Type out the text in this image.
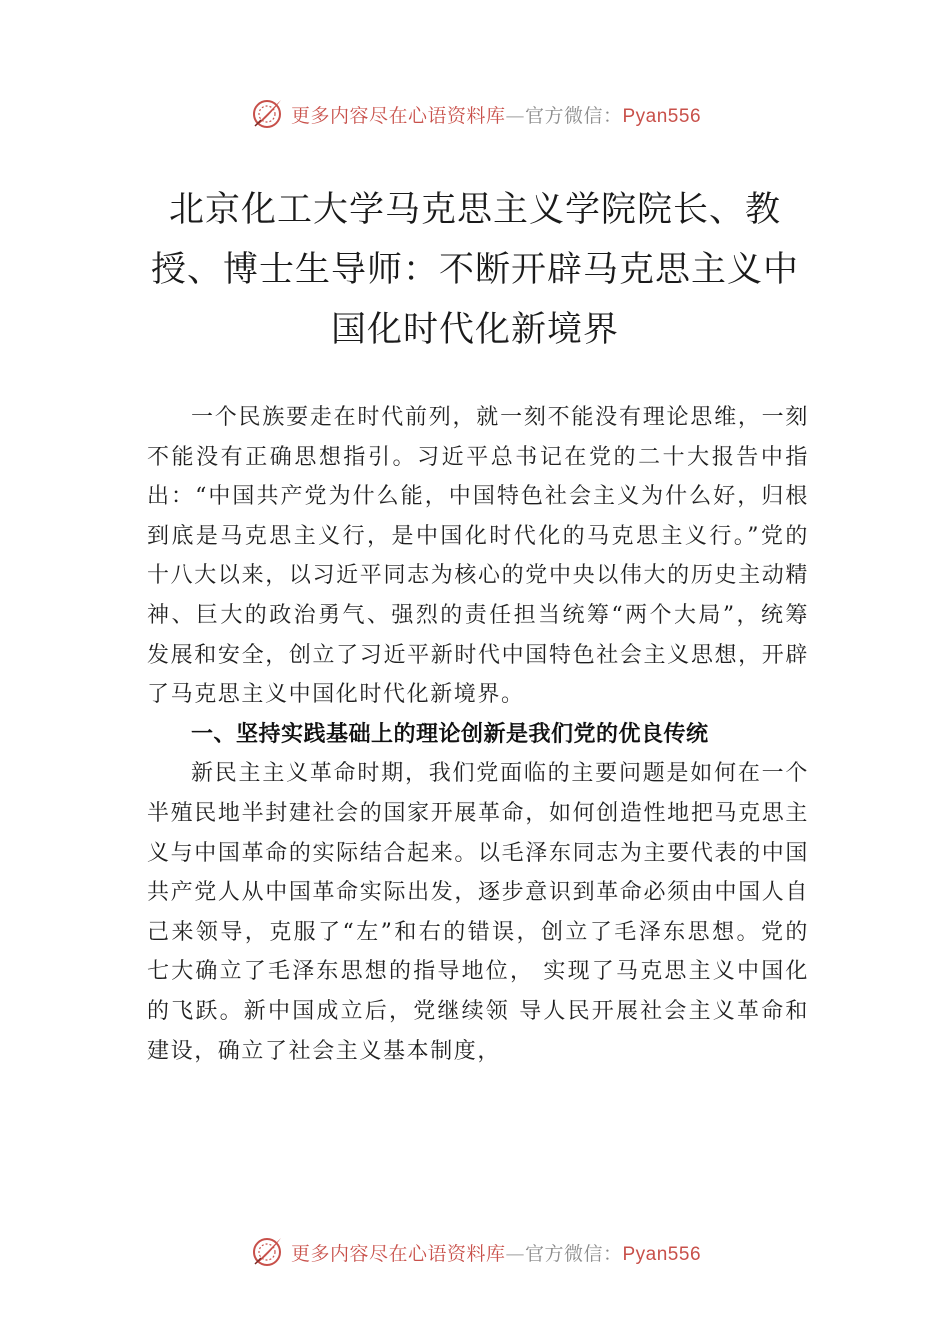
更多内容尽在心语资料库—官方微信：Pyan556
北京化工大学马克思主义学院院长、教授、博士生导师：不断开辟马克思主义中国化时代化新境界

一个民族要走在时代前列，就一刻不能没有理论思维，一刻不能没有正确思想指引。习近平总书记在党的二十大报告中指出：“中国共产党为什么能，中国特色社会主义为什么好，归根到底是马克思主义行，是中国化时代化的马克思主义行。”党的十八大以来，以习近平同志为核心的党中央以伟大的历史主动精神、巨大的政治勇气、强烈的责任担当统筹“两个大局”，统筹发展和安全，创立了习近平新时代中国特色社会主义思想，开辟了马克思主义中国化时代化新境界。

一、坚持实践基础上的理论创新是我们党的优良传统

新民主主义革命时期，我们党面临的主要问题是如何在一个半殖民地半封建社会的国家开展革命，如何创造性地把马克思主义与中国革命的实际结合起来。以毛泽东同志为主要代表的中国共产党人从中国革命实际出发，逐步意识到革命必须由中国人自己来领导，克服了“左”和右的错误，创立了毛泽东思想。党的七大确立了毛泽东思想的指导地位， 实现了马克思主义中国化的飞跃。新中国成立后，党继续领 导人民开展社会主义革命和建设，确立了社会主义基本制度，

更多内容尽在心语资料库—官方微信：Pyan556
